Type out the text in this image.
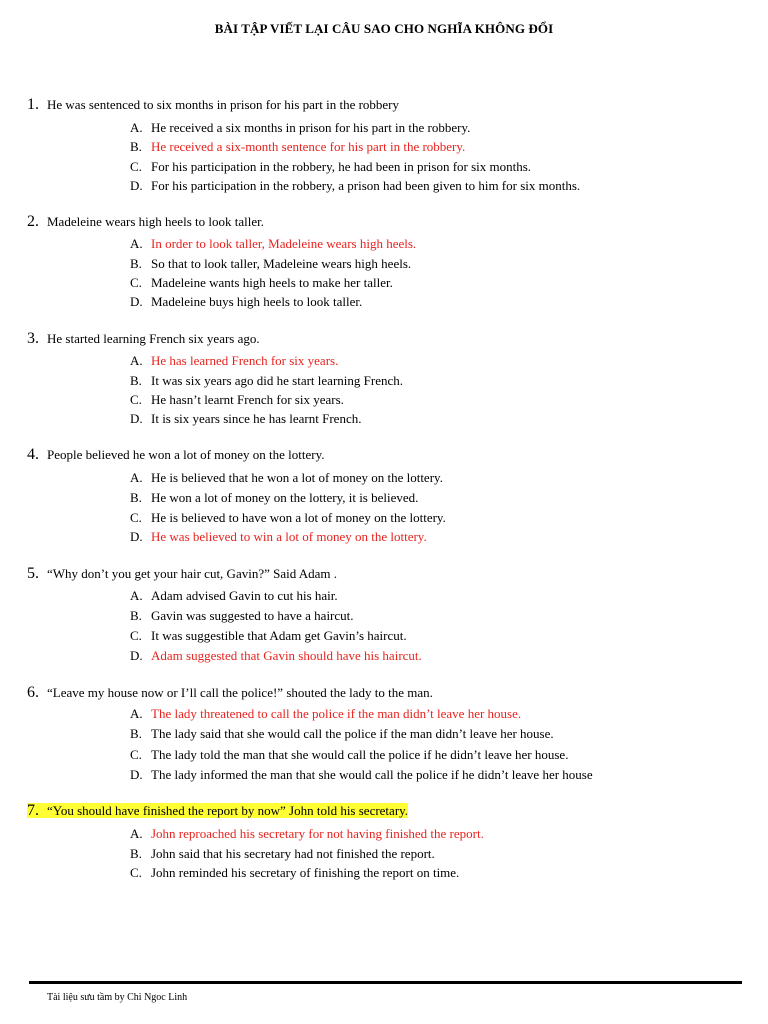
BÀI TẬP VIẾT LẠI CÂU SAO CHO NGHĨA KHÔNG ĐỔI
1. He was sentenced to six months in prison for his part in the robbery
A. He received a six months in prison for his part in the robbery.
B. He received a six-month sentence for his part in the robbery.
C. For his participation in the robbery, he had been in prison for six months.
D. For his participation in the robbery, a prison had been given to him for six months.
2. Madeleine wears high heels to look taller.
A. In order to look taller, Madeleine wears high heels.
B. So that to look taller, Madeleine wears high heels.
C. Madeleine wants high heels to make her taller.
D. Madeleine buys high heels to look taller.
3. He started learning French six years ago.
A. He has learned French for six years.
B. It was six years ago did he start learning French.
C. He hasn’t learnt French for six years.
D. It is six years since he has learnt French.
4. People believed he won a lot of money on the lottery.
A. He is believed that he won a lot of money on the lottery.
B. He won a lot of money on the lottery, it is believed.
C. He is believed to have won a lot of money on the lottery.
D. He was believed to win a lot of money on the lottery.
5. “Why don’t you get your hair cut, Gavin?” Said Adam .
A. Adam advised Gavin to cut his hair.
B. Gavin was suggested to have a haircut.
C. It was suggestible that Adam get Gavin’s haircut.
D. Adam suggested that Gavin should have his haircut.
6. “Leave my house now or I’ll call the police!” shouted the lady to the man.
A. The lady threatened to call the police if the man didn’t leave her house.
B. The lady said that she would call the police if the man didn’t leave her house.
C. The lady told the man that she would call the police if he didn’t leave her house.
D. The lady informed the man that she would call the police if he didn’t leave her house
7. “You should have finished the report by now” John told his secretary.
A. John reproached his secretary for not having finished the report.
B. John said that his secretary had not finished the report.
C. John reminded his secretary of finishing the report on time.
Tài liệu sưu tầm by Chi Ngoc Linh
